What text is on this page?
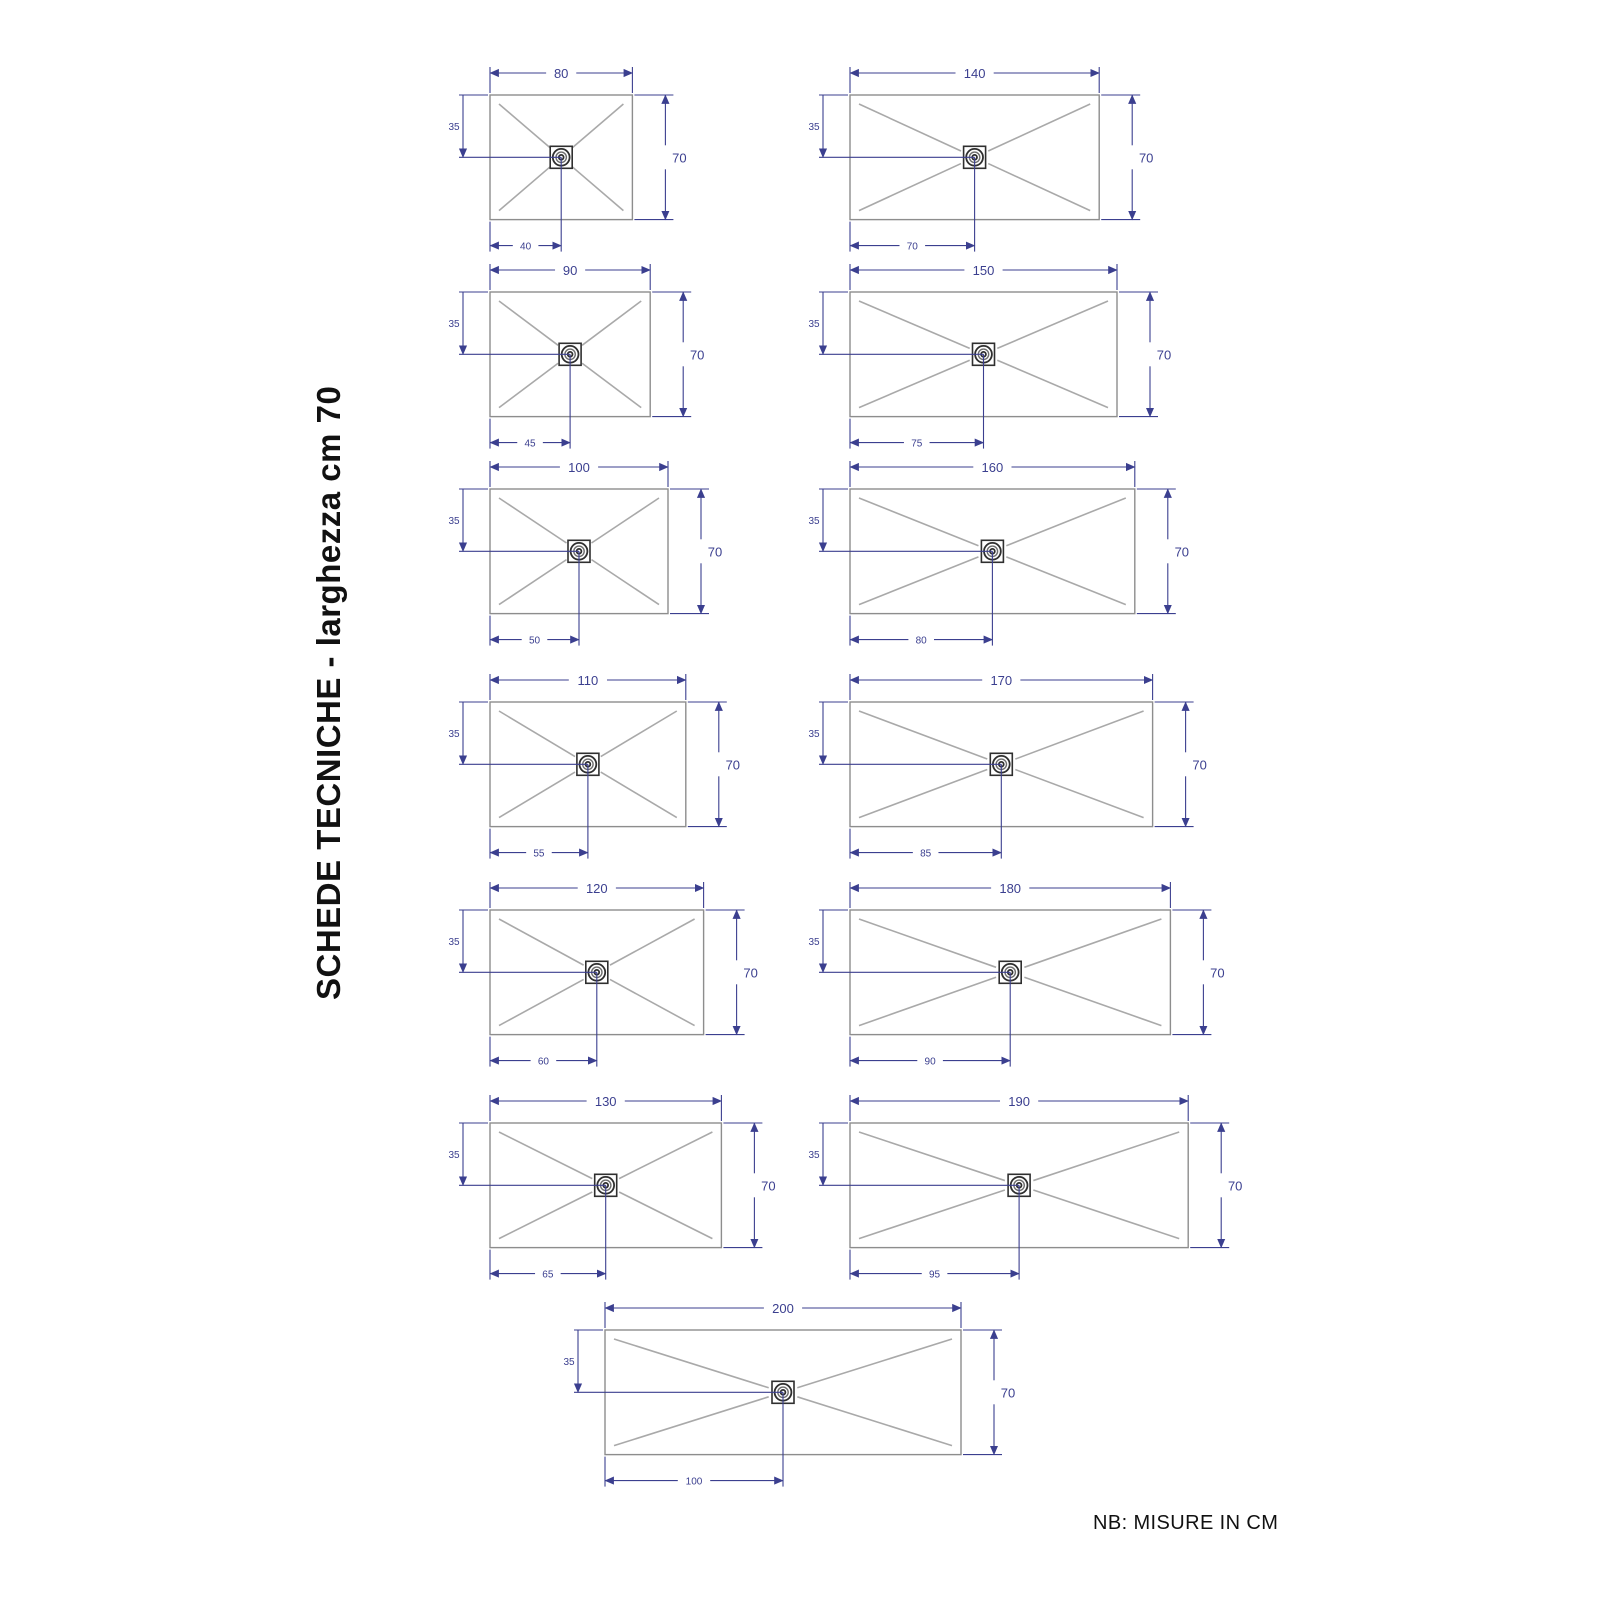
SCHEDE TECNICHE - larghezza cm 70
NB: MISURE IN CM
80
70
35
40
90
70
35
45
100
70
35
50
110
70
35
55
120
70
35
60
130
70
35
65
140
70
35
70
150
70
35
75
160
70
35
80
170
70
35
85
180
70
35
90
190
70
35
95
200
70
35
100
